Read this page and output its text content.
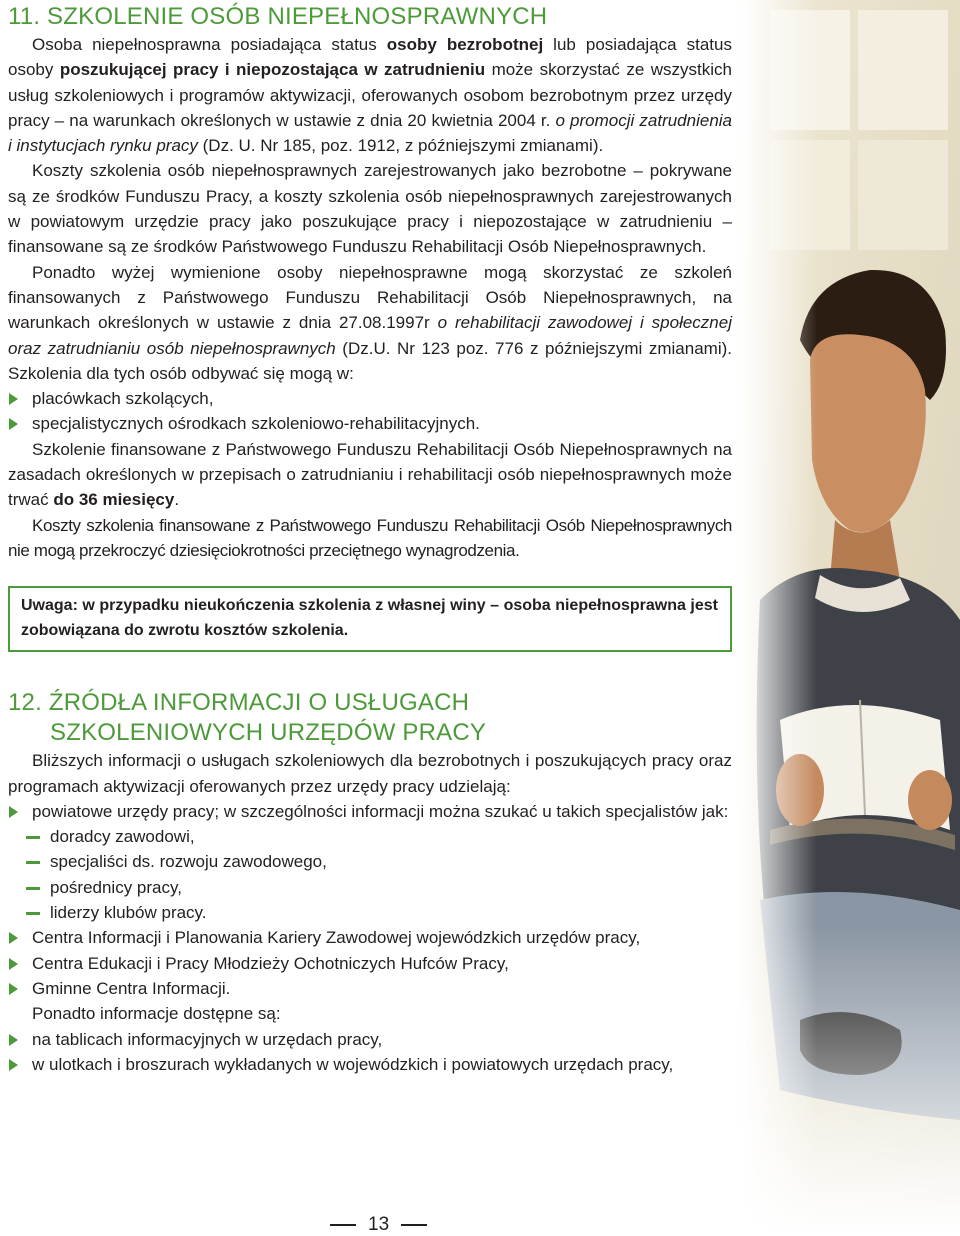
11. SZKOLENIE OSÓB NIEPEŁNOSPRAWNYCH

Osoba niepełnosprawna posiadająca status osoby bezrobotnej lub posiadająca status osoby poszukującej pracy i niepozostająca w zatrudnieniu może skorzystać ze wszystkich usług szkoleniowych i programów aktywizacji, oferowanych osobom bezrobotnym przez urzędy pracy – na warunkach określonych w ustawie z dnia 20 kwietnia 2004 r. o promocji zatrudnienia i instytucjach rynku pracy (Dz. U. Nr 185, poz. 1912, z późniejszymi zmianami).

Koszty szkolenia osób niepełnosprawnych zarejestrowanych jako bezrobotne – pokrywane są ze środków Funduszu Pracy, a koszty szkolenia osób niepełnosprawnych zarejestrowanych w powiatowym urzędzie pracy jako poszukujące pracy i niepozostające w zatrudnieniu – finansowane są ze środków Państwowego Funduszu Rehabilitacji Osób Niepełnosprawnych.

Ponadto wyżej wymienione osoby niepełnosprawne mogą skorzystać ze szkoleń finansowanych z Państwowego Funduszu Rehabilitacji Osób Niepełnosprawnych, na warunkach określonych w ustawie z dnia 27.08.1997r o rehabilitacji zawodowej i społecznej oraz zatrudnianiu osób niepełnosprawnych (Dz.U. Nr 123 poz. 776 z późniejszymi zmianami). Szkolenia dla tych osób odbywać się mogą w:

placówkach szkolących,
specjalistycznych ośrodkach szkoleniowo-rehabilitacyjnych.

Szkolenie finansowane z Państwowego Funduszu Rehabilitacji Osób Niepełnosprawnych na zasadach określonych w przepisach o zatrudnianiu i rehabilitacji osób niepełnosprawnych może trwać do 36 miesięcy.

Koszty szkolenia finansowane z Państwowego Funduszu Rehabilitacji Osób Niepełnosprawnych nie mogą przekroczyć dziesięciokrotności przeciętnego wynagrodzenia.

Uwaga: w przypadku nieukończenia szkolenia z własnej winy – osoba niepełnosprawna jest zobowiązana do zwrotu kosztów szkolenia.
12. ŹRÓDŁA INFORMACJI O USŁUGACH
SZKOLENIOWYCH URZĘDÓW PRACY

Bliższych informacji o usługach szkoleniowych dla bezrobotnych i poszukujących pracy oraz programach aktywizacji oferowanych przez urzędy pracy udzielają:

powiatowe urzędy pracy; w szczególności informacji można szukać u takich specjalistów jak:
doradcy zawodowi,
specjaliści ds. rozwoju zawodowego,
pośrednicy pracy,
liderzy klubów pracy.
Centra Informacji i Planowania Kariery Zawodowej wojewódzkich urzędów pracy,
Centra Edukacji i Pracy Młodzieży Ochotniczych Hufców Pracy,
Gminne Centra Informacji.

Ponadto informacje dostępne są:

na tablicach informacyjnych w urzędach pracy,
w ulotkach i broszurach wykładanych w wojewódzkich i powiatowych urzędach pracy,
13
